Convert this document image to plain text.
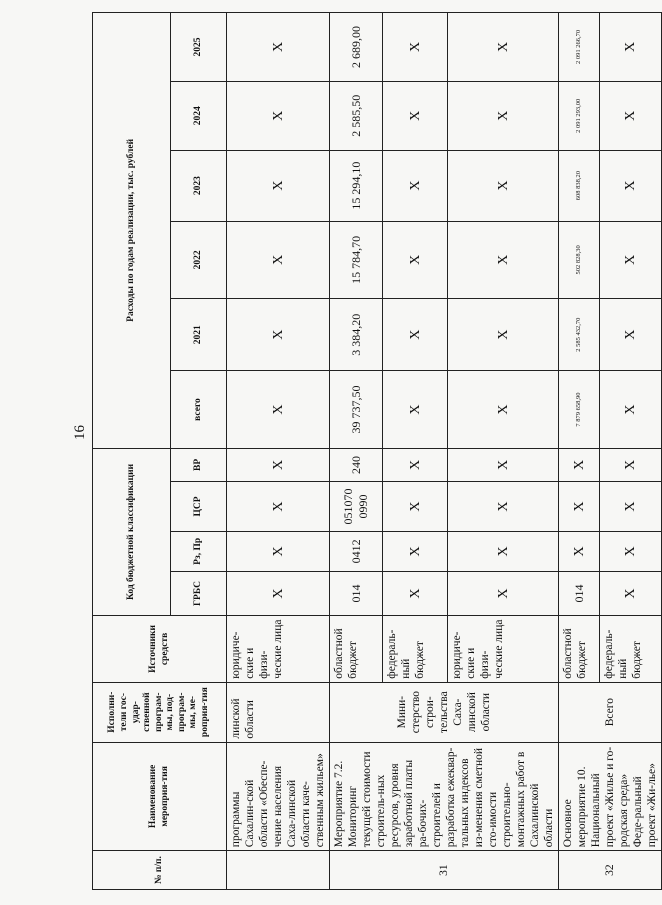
16
№ п/п.	Наименование мероприя-тия	Исполни-тели гос-удар-ственной програм-мы, под-програм-мы, ме-роприя-тия	Источники средств	Код бюджетной классификации				Расходы по годам реализации, тыс. рублей					
				ГРБС	Рз, Пр	ЦСР	ВР	всего	2021	2022	2023	2024	2025
	программы Сахалин-ской области «Обеспе-чение населения Саха-линской области каче-ственным жильем»	линской области	юридиче-ские и физи-ческие лица	X	X	X	X	X	X	X	X	X	X
31	Мероприятие 7.2. Мониторинг текущей стоимости строитель-ных ресурсов, уровня заработной платы ра-бочих-строителей и разработка ежеквар-тальных индексов из-менения сметной сто-имости строительно-монтажных работ в Сахалинской области	Мини-стерство строи-тельства Саха-линской области	областной бюджет	014	0412	051070 0990	240	39 737,50	3 384,20	15 784,70	15 294,10	2 585,50	2 689,00
			федераль-ный бюджет	X	X	X	X	X	X	X	X	X	X
			юридиче-ские и физи-ческие лица	X	X	X	X	X	X	X	X	X	X
32	Основное мероприятие 10. Национальный проект «Жилье и го-родская среда» Феде-ральный проект «Жи-лье»	Всего	областной бюджет	014	X	X	X	7 879 658,90	2 585 432,70	502 828,30	608 838,20	2 091 293,00	2 091 266,70
			федераль-ный бюджет	X	X	X	X	X	X	X	X	X	X
